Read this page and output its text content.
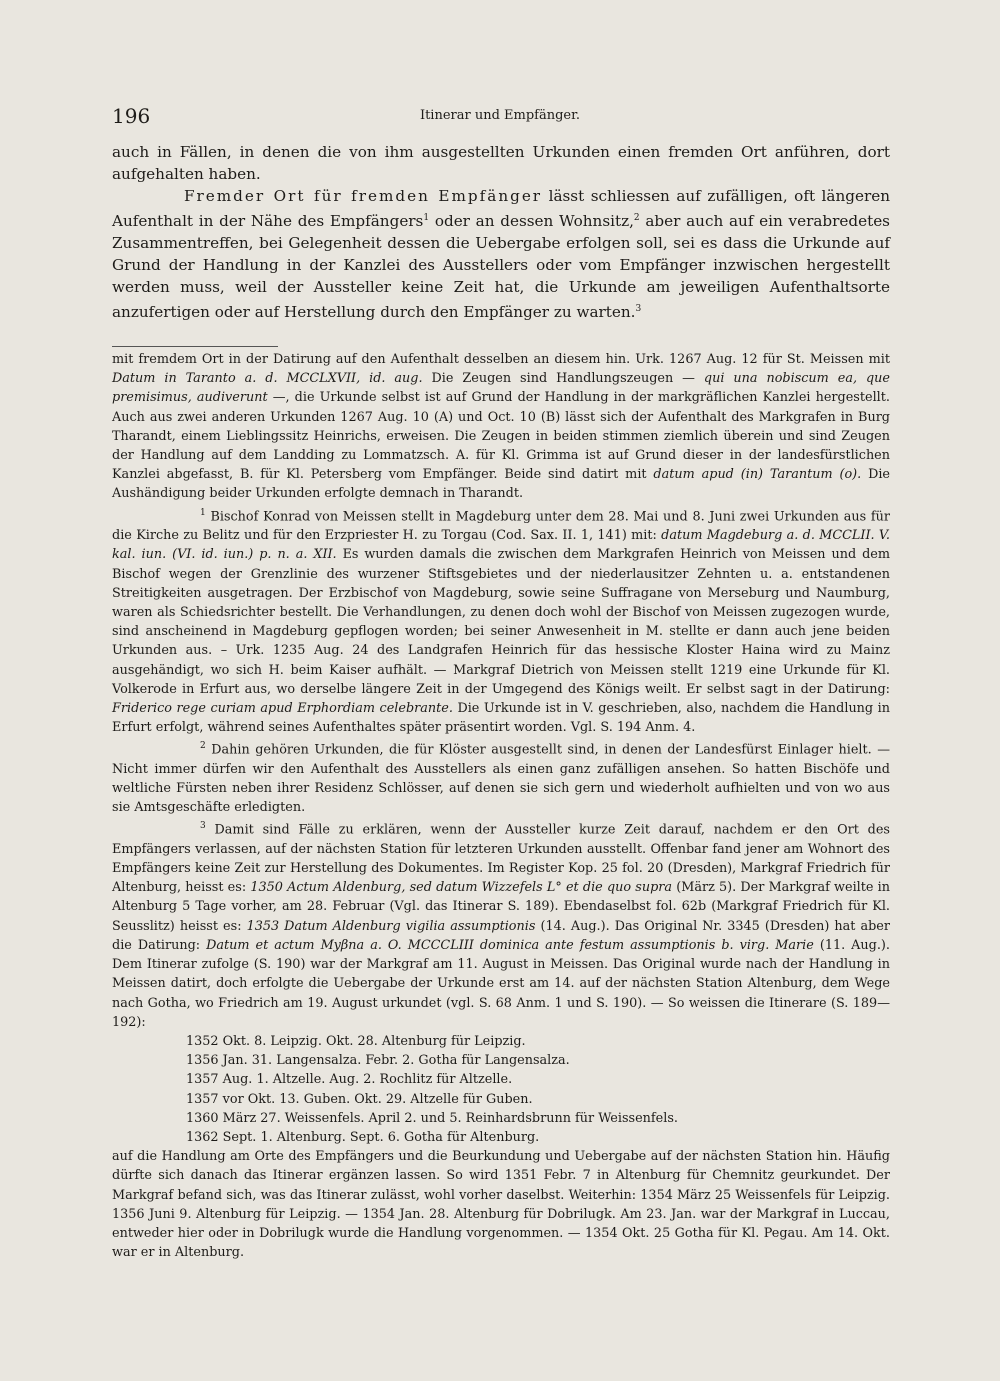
196	Itinerar und Empfänger.

auch in Fällen, in denen die von ihm ausgestellten Urkunden einen fremden Ort anführen, dort aufgehalten haben.

Fremder Ort für fremden Empfänger lässt schliessen auf zufälligen, oft längeren Aufenthalt in der Nähe des Empfängers$^1$ oder an dessen Wohnsitz,$^2$ aber auch auf ein verabredetes Zusammentreffen, bei Gelegenheit dessen die Uebergabe erfolgen soll, sei es dass die Urkunde auf Grund der Handlung in der Kanzlei des Ausstellers oder vom Empfänger inzwischen hergestellt werden muss, weil der Aussteller keine Zeit hat, die Urkunde am jeweiligen Aufenthaltsorte anzufertigen oder auf Herstellung durch den Empfänger zu warten.$^3$

mit fremdem Ort in der Datirung auf den Aufenthalt desselben an diesem hin. Urk. 1267 Aug. 12 für St. Meissen mit Datum in Taranto a. d. MCCLXVII, id. aug. Die Zeugen sind Handlungszeugen — qui una nobiscum ea, que premisimus, audiverunt —, die Urkunde selbst ist auf Grund der Handlung in der markgräflichen Kanzlei hergestellt. Auch aus zwei anderen Urkunden 1267 Aug. 10 (A) und Oct. 10 (B) lässt sich der Aufenthalt des Markgrafen in Burg Tharandt, einem Lieblingssitz Heinrichs, erweisen. Die Zeugen in beiden stimmen ziemlich überein und sind Zeugen der Handlung auf dem Landding zu Lommatzsch. A. für Kl. Grimma ist auf Grund dieser in der landesfürstlichen Kanzlei abgefasst, B. für Kl. Petersberg vom Empfänger. Beide sind datirt mit datum apud (in) Tarantum (o). Die Aushändigung beider Urkunden erfolgte demnach in Tharandt.

$^1$ Bischof Konrad von Meissen stellt in Magdeburg unter dem 28. Mai und 8. Juni zwei Urkunden aus für die Kirche zu Belitz und für den Erzpriester H. zu Torgau (Cod. Sax. II. 1, 141) mit: datum Magdeburg a. d. MCCLII. V. kal. iun. (VI. id. iun.) p. n. a. XII. Es wurden damals die zwischen dem Markgrafen Heinrich von Meissen und dem Bischof wegen der Grenzlinie des wurzener Stiftsgebietes und der niederlausitzer Zehnten u. a. entstandenen Streitigkeiten ausgetragen. Der Erzbischof von Magdeburg, sowie seine Suffragane von Merseburg und Naumburg, waren als Schiedsrichter bestellt. Die Verhandlungen, zu denen doch wohl der Bischof von Meissen zugezogen wurde, sind anscheinend in Magdeburg gepflogen worden; bei seiner Anwesenheit in M. stellte er dann auch jene beiden Urkunden aus. – Urk. 1235 Aug. 24 des Landgrafen Heinrich für das hessische Kloster Haina wird zu Mainz ausgehändigt, wo sich H. beim Kaiser aufhält. — Markgraf Dietrich von Meissen stellt 1219 eine Urkunde für Kl. Volkerode in Erfurt aus, wo derselbe längere Zeit in der Umgegend des Königs weilt. Er selbst sagt in der Datirung: Friderico rege curiam apud Erphordiam celebrante. Die Urkunde ist in V. geschrieben, also, nachdem die Handlung in Erfurt erfolgt, während seines Aufenthaltes später präsentirt worden. Vgl. S. 194 Anm. 4.

$^2$ Dahin gehören Urkunden, die für Klöster ausgestellt sind, in denen der Landesfürst Einlager hielt. — Nicht immer dürfen wir den Aufenthalt des Ausstellers als einen ganz zufälligen ansehen. So hatten Bischöfe und weltliche Fürsten neben ihrer Residenz Schlösser, auf denen sie sich gern und wiederholt aufhielten und von wo aus sie Amtsgeschäfte erledigten.

$^3$ Damit sind Fälle zu erklären, wenn der Aussteller kurze Zeit darauf, nachdem er den Ort des Empfängers verlassen, auf der nächsten Station für letzteren Urkunden ausstellt. Offenbar fand jener am Wohnort des Empfängers keine Zeit zur Herstellung des Dokumentes. Im Register Kop. 25 fol. 20 (Dresden), Markgraf Friedrich für Altenburg, heisst es: 1350 Actum Aldenburg, sed datum Wizzefels L° et die quo supra (März 5). Der Markgraf weilte in Altenburg 5 Tage vorher, am 28. Februar (Vgl. das Itinerar S. 189). Ebendaselbst fol. 62b (Markgraf Friedrich für Kl. Seusslitz) heisst es: 1353 Datum Aldenburg vigilia assumptionis (14. Aug.). Das Original Nr. 3345 (Dresden) hat aber die Datirung: Datum et actum Myβna a. O. MCCCLIII dominica ante festum assumptionis b. virg. Marie (11. Aug.). Dem Itinerar zufolge (S. 190) war der Markgraf am 11. August in Meissen. Das Original wurde nach der Handlung in Meissen datirt, doch erfolgte die Uebergabe der Urkunde erst am 14. auf der nächsten Station Altenburg, dem Wege nach Gotha, wo Friedrich am 19. August urkundet (vgl. S. 68 Anm. 1 und S. 190). — So weissen die Itinerare (S. 189—192):

1352 Okt. 8. Leipzig. Okt. 28. Altenburg für Leipzig.
1356 Jan. 31. Langensalza. Febr. 2. Gotha für Langensalza.
1357 Aug. 1. Altzelle. Aug. 2. Rochlitz für Altzelle.
1357 vor Okt. 13. Guben. Okt. 29. Altzelle für Guben.
1360 März 27. Weissenfels. April 2. und 5. Reinhardsbrunn für Weissenfels.
1362 Sept. 1. Altenburg. Sept. 6. Gotha für Altenburg.

auf die Handlung am Orte des Empfängers und die Beurkundung und Uebergabe auf der nächsten Station hin. Häufig dürfte sich danach das Itinerar ergänzen lassen. So wird 1351 Febr. 7 in Altenburg für Chemnitz geurkundet. Der Markgraf befand sich, was das Itinerar zulässt, wohl vorher daselbst. Weiterhin: 1354 März 25 Weissenfels für Leipzig. 1356 Juni 9. Altenburg für Leipzig. — 1354 Jan. 28. Altenburg für Dobrilugk. Am 23. Jan. war der Markgraf in Luccau, entweder hier oder in Dobrilugk wurde die Handlung vorgenommen. — 1354 Okt. 25 Gotha für Kl. Pegau. Am 14. Okt. war er in Altenburg.
